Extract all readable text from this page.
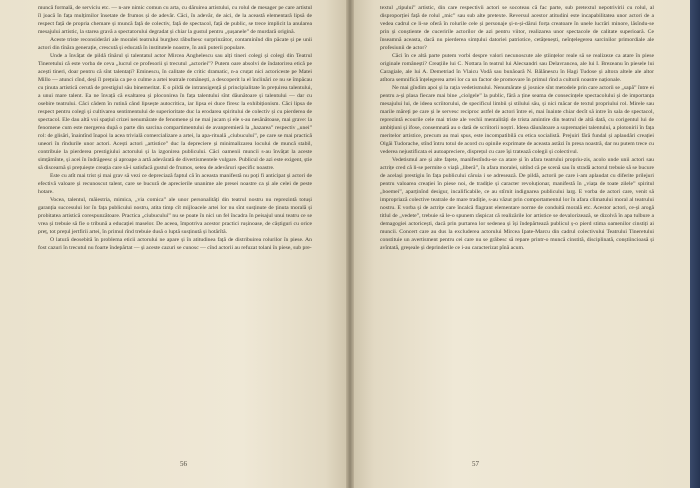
muncă formală, de serviciu etc. — n-are nimic comun cu arta, cu dăruirea artistului, cu rolul de mesager pe care artistul îl joacă în fața mulțimilor însetate de frumos și de adevăr. Căci, în adevăr, de aici, de la această elementară lipsă de respect față de propria chemare și muncă față de colectiv, față de spectacol, față de public, se trece implicit la anularea mesajului artistic, la starea gravă a spectatorului degradat și chiar la gustul pentru „șușanele” de murdară origină.

Aceste triste reconsiderări ale moralei teatrului burghez răbufnesc surprinzător, contaminînd din păcate și pe unii actori din tînăra generație, crescută și educată în institutele noastre, în anii puterii populare.

Unde a învățat de pildă tînărul și talentatul actor Mircea Anghelescu sau alți tineri colegi și colegi din Teatrul Tineretului că este vorba de ceva „lucrul ce profesorii și trecutul „actoriei”? Putem oare absolvi de îndatorirea etică pe acești tineri, doar pentru că sînt talentați? Eminescu, în calitate de critic dramatic, n-a cruțat nici actoriceste pe Matei Millo — atunci cînd, deși îl prețuia ca pe o culme a artei teatrale românești, a descoperit la el înclinări ce nu se împăcau cu ținuta artistică cerută de prestigiul său binemeritat. E o pildă de intransigență și principialitate în prețuirea talentului, a unui mare talent. Ea ne învață că exaltarea și ploconirea în fața talentului sînt dăunătoare și talentului — dar cu osebire teatrului. Căci cădem în rutină când lipsește autocritica, iar lipsa ei duce firesc la exhibiționism. Căci lipsa de respect pentru colegi și cultivarea sentimentului de superioritate duc la erodarea spiritului de colectiv și cu pierderea de spectacol. Ele dau altă voi spațiul crizei nenumărate de fenomene și ne mai jucam și ele s-au nesănătoase, mai grave: la fenomene cum este mergerea după o parte din sarcina compartimentului de avanpremieră la „hazarea” respectiv „unei” rol: de glisări, înaintînd înapoi la acea trivială comercializare a artei, la apa-rituală „ciubucului”, pe care se mai practică uneori în rîndurile unor actori. Acești actori „artistice” duc la depreciere și minimalizarea locului de muncă stabil, contribuie la pierderea prestigiului actorului și la izgonirea publicului. Căci oamenii muncii s-au învățat la aceste simțămînte, și acei în îndrăgeesc și aproape a artă adevărată de divertismentele vulgare. Publicul de azi este exigent, știe să discearnă și prețuiește creația care să-i satisfacă gustul de frumos, setea de adevăruri specific noastre.

Este cu atît mai trist și mai grav să vezi ce depreciază faptul că în aceasta manifestă nu poți fi anticipat și actori de efectivă valoare și recunoscut talent, care se bucură de aprecierile unanime ale presei noastre ca și ale celei de peste hotare.

Vocea, talentul, măiestria, mimica, „via comica” ale unor personalități din teatrul nostru nu reprezintă totuși garanția succesului lor în fața publicului nostru, atita timp cît mijloacele artei lor nu sînt susținute de ținuta morală și probitatea artistică corespunzătoare. Practica „ciubucului” nu se poate în nici un fel încadra în peisajul unui teatru ce se vrea și trebuie să fie o tribună a educației maselor. De aceea, împotriva acestor practici rușinoase, de câștiguri cu orice preț, tot prețul jertfirii artei, în primul rînd trebuie dusă o luptă susținută și hotărîtă.

O latură deosebită în problema eticii actorului ne apare și în atitudinea față de distribuirea rolurilor în piese. An fost cazuri în trecutul nu foarte îndepărtat — și aceste cazuri se cunosc — cînd actorii au refuzat tolani în piese, sub pre-

56

textul „tipului” artistic, din care respectivii actori se socoteau că fac parte, sub pretextul nepotrivirii cu rolul, al disproporției față de rolul „mic” sau sub alte pretexte. Reversul acestor atitudini este incapabilitatea unor actori de a vedea cadrul ce li-se oferă în rolurile cele și personaje și-n-și-dărui forța creatoare în unele lucrări minore, lăsîndu-se prin și conștiente de cuceririle actorilor de azi pentru viitor, realizarea unor spectacole de calitate superioară. Ce înseamnă aceasta, dacă nu pierderea simțului datoriei patriotice, cetățenești, neînțelegerea sarcinilor primordiale ale profesiunii de actor?

Căci în ce altă parte putem vorbi despre valori necunoscute ale științelor reale să se realizeze ca atare în piese originale românești? Creațiile lui C. Nottara în teatrul lui Alecsandri sau Delavrancea, ale lui I. Brezeanu în piesele lui Caragiale, ale lui A. Demetriad în Vlaicu Vodă sau bunăoară N. Bălănescu în Hagi Tudose și altora altele ale altor atîtora semnifică înțelegerea artei lor ca un factor de promovare în primul rînd a culturii noastre naționale.

Ne mai gîndim apoi și la rația vedetismului. Nenumărate și josnice sînt metodele prin care actorii se „sapă” între ei pentru a-și plasa fiecare mai bine „ciolgele” la public, fără a ține seama de consecințele spectacolului și de importanța mesajului lui, de ideea scriitorului, de specificul limbii și stilului său, și nici măcar de textul propriului rol. Mirele sau marile măreți pe care și le servesc reciproc astfel de actori între ei, mai înainte chiar decît să intre în sala de spectacol, reprezintă ecourile cele mai triste ale vechii mentalități de trista amintire din teatrul de altă dată, cu corigentul lui de ambițiuni și ifose, consemnată au o dată de scriitorii noștri. Ideea dăunătoare a supremației talentului, a plotonirii în fața meritelor artistice, precum au mai spus, este incompatibilă cu etica socialistă. Prejuiri fără fundal și aplaudări creației Olgăi Tudorache, stînd întru totul de acord cu opinile exprimate de aceasta astăzi în presa noastră, dar nu putem trece cu vederea nejustificata ei autoapreciere, disprețul cu care își tratează colegii și colectivul.

Vedetismul are și alte fațete, manifestîndu-se ca atare și în afara teatrului propriu-zis, acolo unde unii actori sau actrițe cred că li-se permite o viață „liberă”, în afara moralei, uitînd că pe scenă sau în stradă actorul trebuie să se bucure de același prestigiu în fața publicului căruia i se adresează. De pildă, actorii pe care i-am aplaudat cu diferite prilejuri pentru valoarea creației în piese noi, de tradiție și caracter revoluționar, manifestă în „viața de toate zilele” spiritul „boemei”, aparținînd desigur, incalificabile, ce au stîrnit indignarea publicului larg. E vorba de actori care, venit să impropriază colective teatrale de mare tradiție, s-au văzut prin comportamentul lor în afara climatului moral al teatrului nostru. E vorba și de actrițe care încalcă flagrant elementare norme de conduită morală etc. Acestor actori, ce-și arogă titlul de „vedete”, trebuie să le-o spunem răspicat că realizările lor artistice se devalorizează, se dizolvă în apa tulbure a demagogiei actoricești, dacă prin purtarea lor sedenea și își îndepărtează publicul ș-o pierd stima oamenilor cinstiți ai muncii. Concert care au dus la excluderea actorului Mircea Ipate-Marcu din cadrul colectivului Teatrului Tineretului constituie un avertisment pentru cei care nu se grăbesc să repare printr-o muncă cinstită, disciplinată, conștiincioasă și avîntată, greșeale și deprinderile ce i-au caracterizat pînă acum.

57
